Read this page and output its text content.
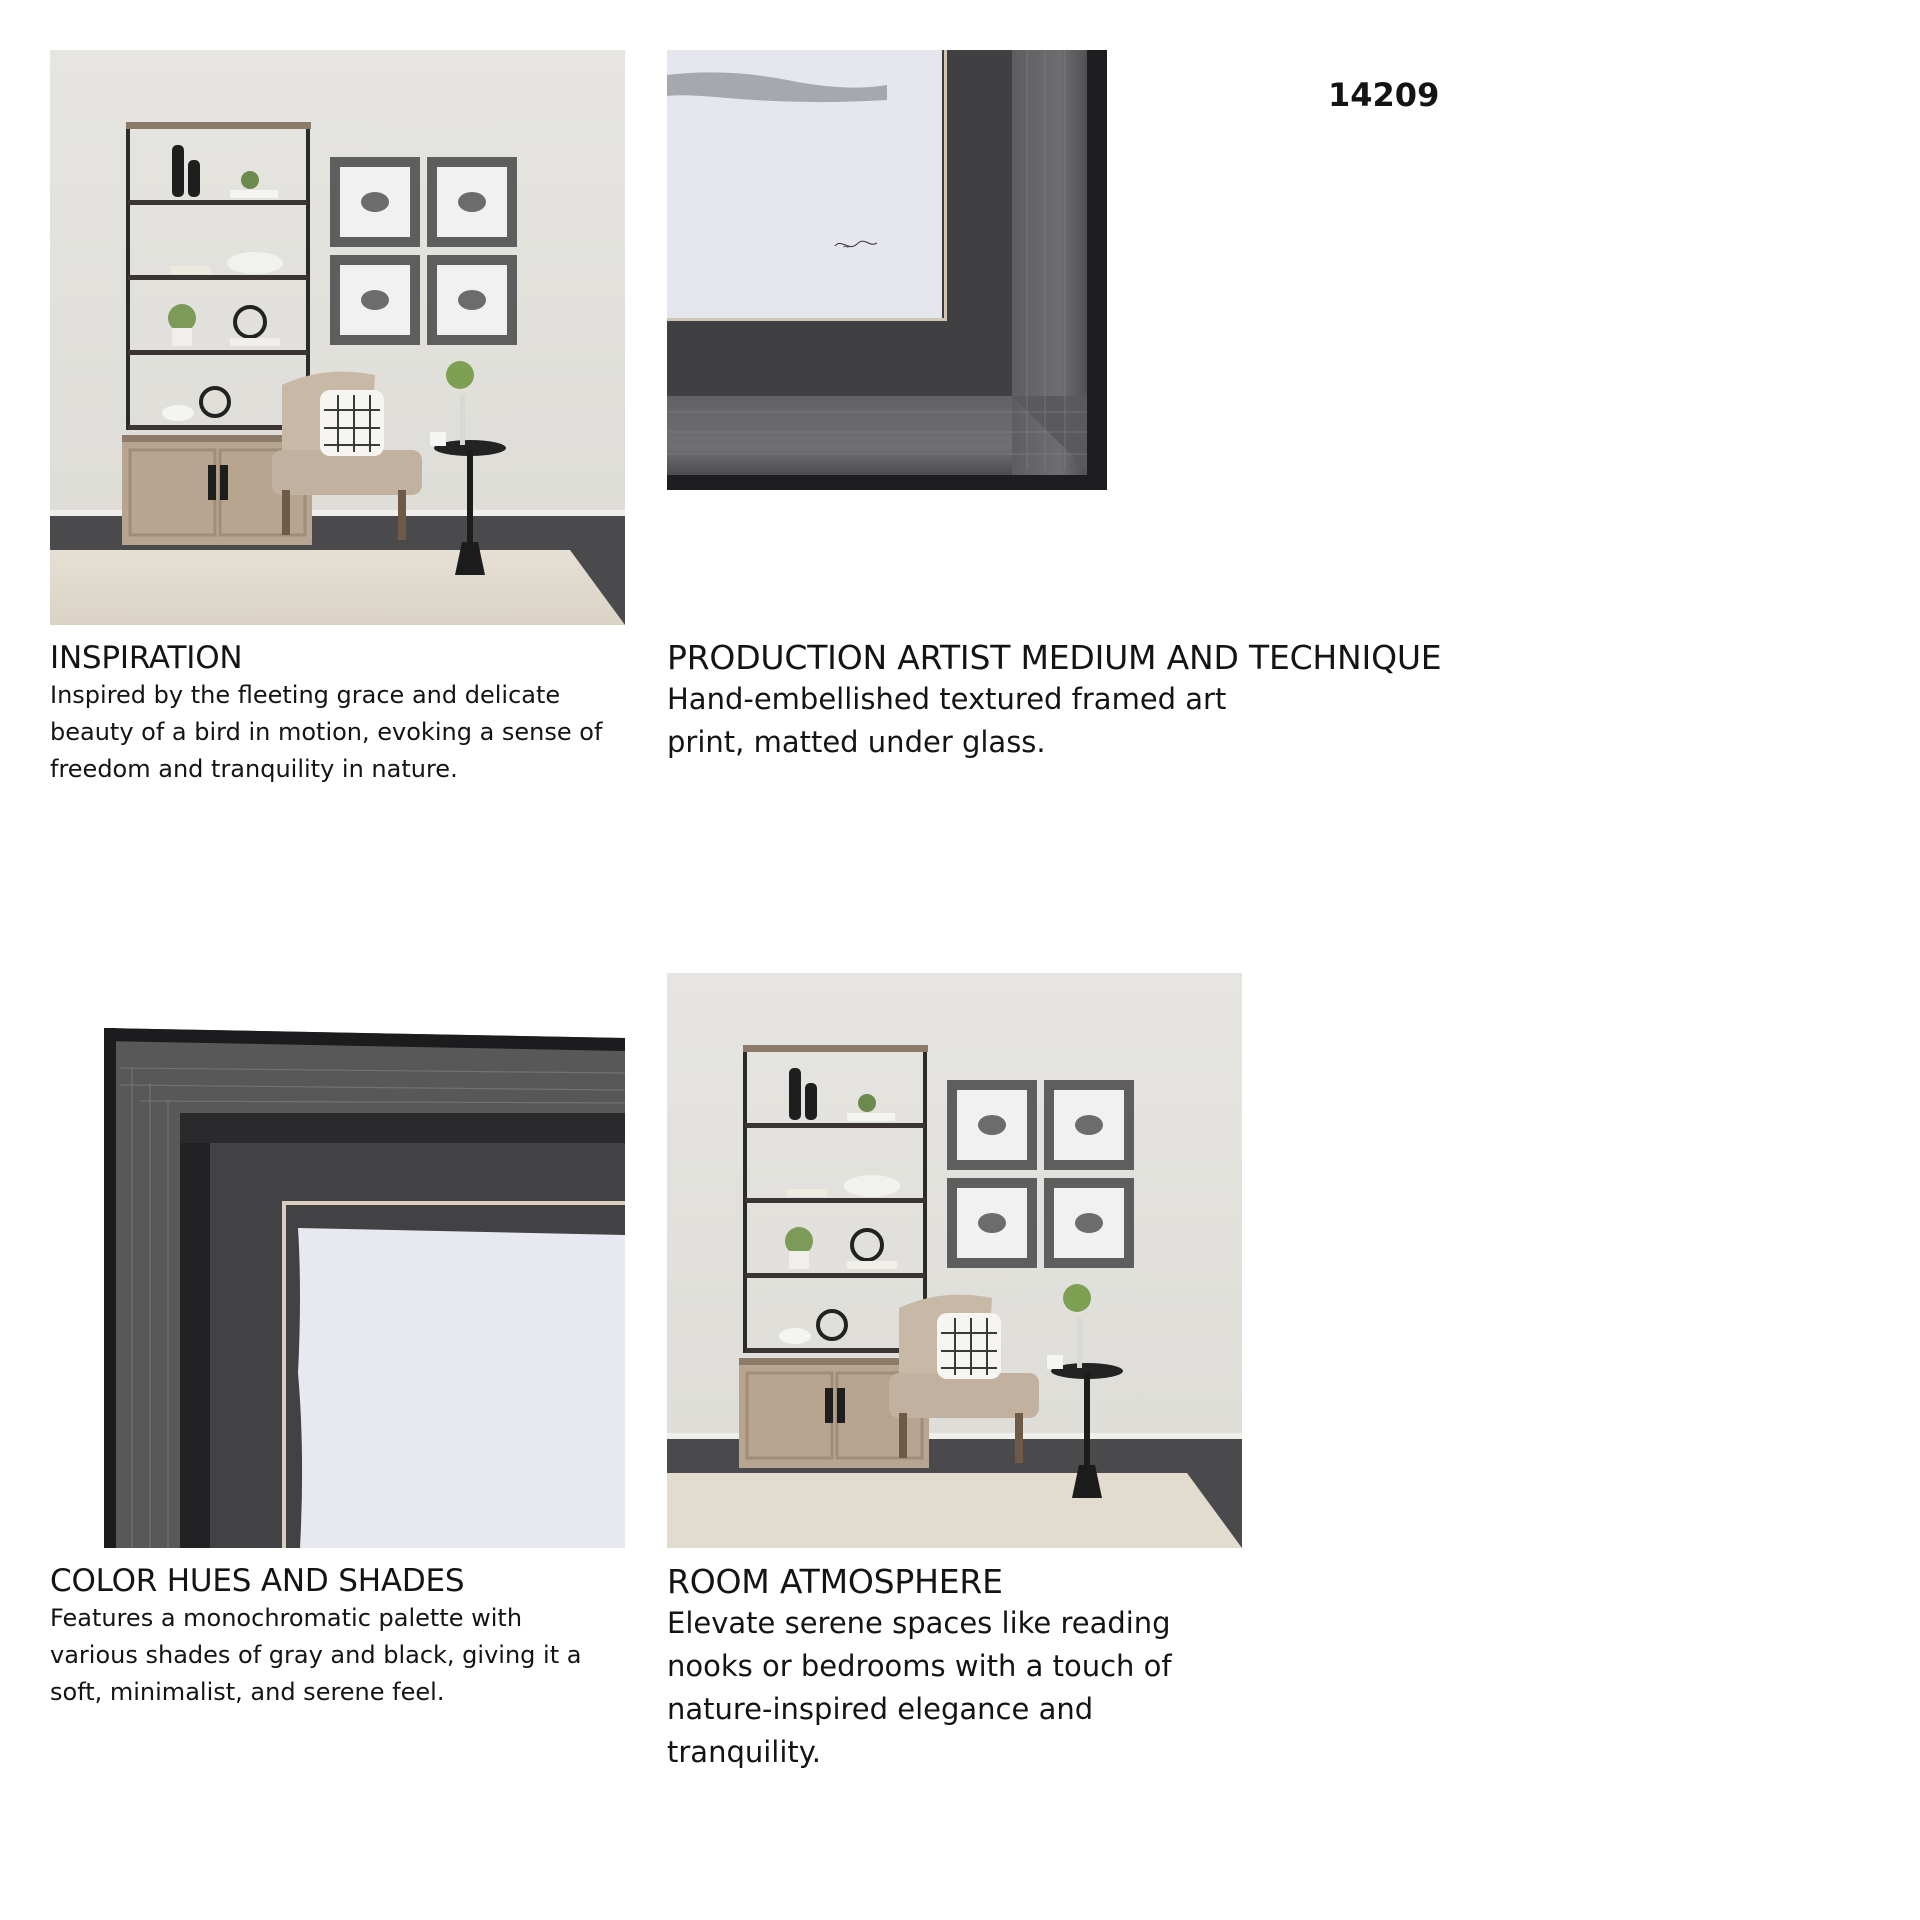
14209
INSPIRATION
Inspired by the fleeting grace and delicate beauty of a bird in motion, evoking a sense of freedom and tranquility in nature.
~
PRODUCTION ARTIST MEDIUM AND TECHNIQUE
Hand-embellished textured framed art print, matted under glass.
COLOR HUES AND SHADES
Features a monochromatic palette with various shades of gray and black, giving it a soft, minimalist, and serene feel.
ROOM ATMOSPHERE
Elevate serene spaces like reading nooks or bedrooms with a touch of nature-inspired elegance and tranquility.
